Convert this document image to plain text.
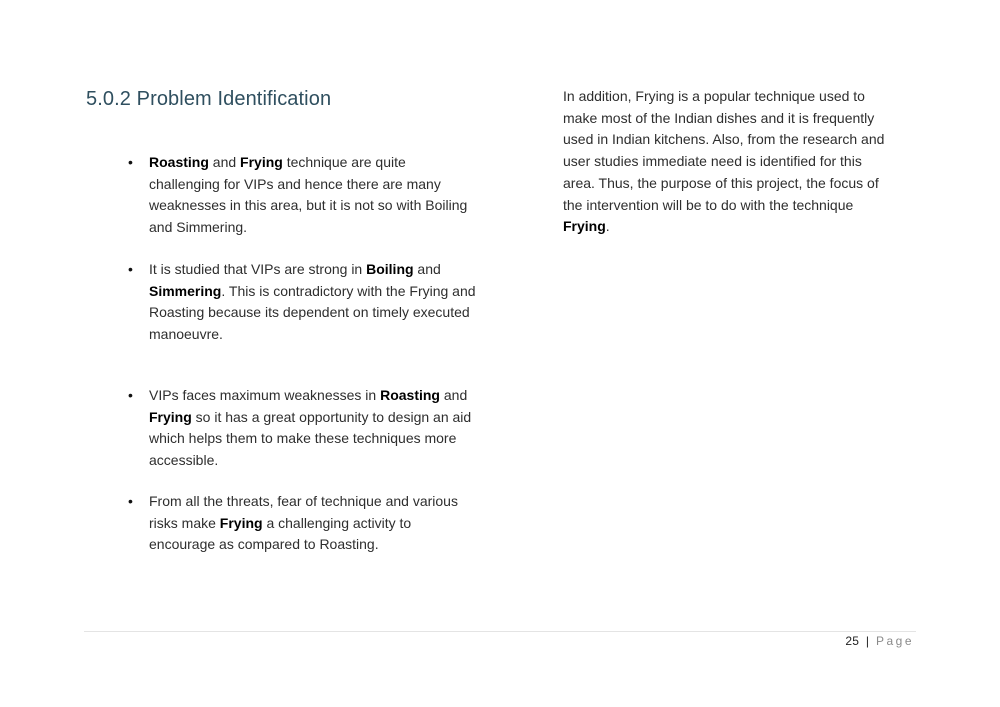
5.0.2 Problem Identification
• Roasting and Frying technique are quite challenging for VIPs and hence there are many weaknesses in this area, but it is not so with Boiling and Simmering.
• It is studied that VIPs are strong in Boiling and Simmering. This is contradictory with the Frying and Roasting because its dependent on timely executed manoeuvre.
• VIPs faces maximum weaknesses in Roasting and Frying so it has a great opportunity to design an aid which helps them to make these techniques more accessible.
• From all the threats, fear of technique and various risks make Frying a challenging activity to encourage as compared to Roasting.

In addition, Frying is a popular technique used to make most of the Indian dishes and it is frequently used in Indian kitchens. Also, from the research and user studies immediate need is identified for this area. Thus, the purpose of this project, the focus of the intervention will be to do with the technique Frying.

25 | Page
